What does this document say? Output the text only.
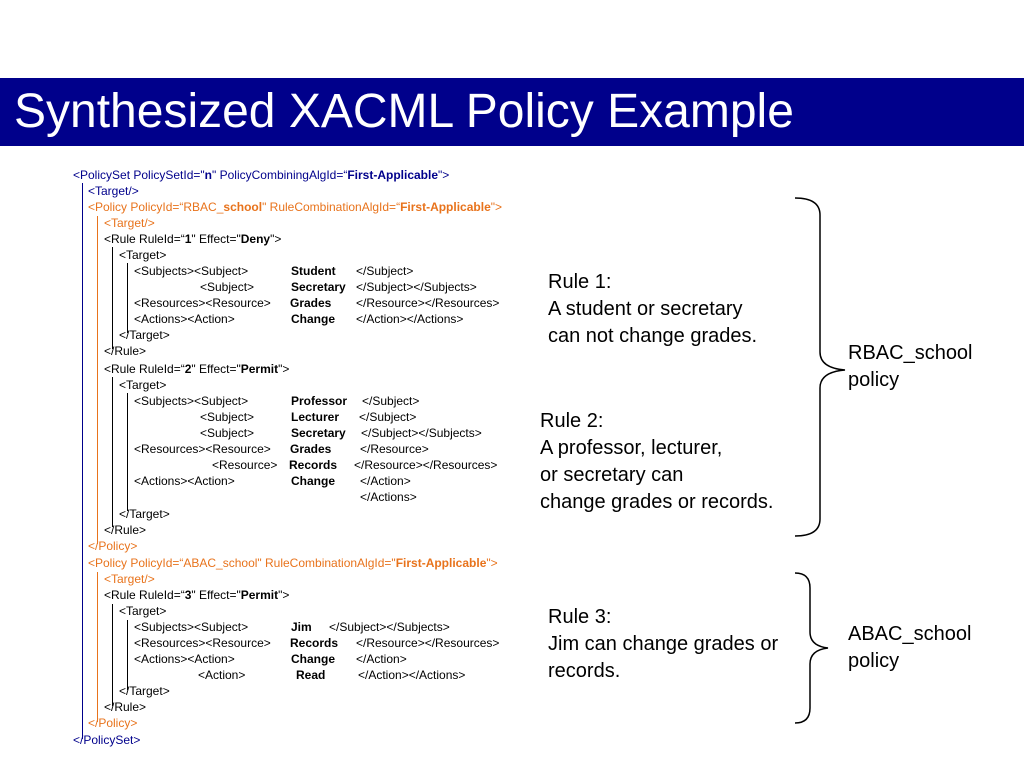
Synthesized XACML Policy Example
<PolicySet PolicySetId="n" PolicyCombiningAlgId=“First-Applicable">
<Target/>
<Policy PolicyId=“RBAC_school" RuleCombinationAlgId=“First-Applicable">
<Target/>
<Rule RuleId=“1" Effect="Deny">
<Target>
<Subjects><Subject>	Student </Subject>
<Subject>	Secretary </Subject></Subjects>
<Resources><Resource> Grades </Resource></Resources>
<Actions><Action>	Change </Action></Actions>
</Target>
</Rule>
<Rule RuleId=“2" Effect="Permit">
<Target>
<Subjects><Subject>	Professor </Subject>
<Subject>	Lecturer </Subject>
<Subject>	Secretary </Subject></Subjects>
<Resources><Resource> Grades </Resource>
<Resource> Records </Resource></Resources>
<Actions><Action>	Change </Action>
</Actions>
</Target>
</Rule>
</Policy>
<Policy PolicyId=“ABAC_school" RuleCombinationAlgId="First-Applicable">
<Target/>
<Rule RuleId=“3" Effect="Permit">
<Target>
<Subjects><Subject>	Jim </Subject></Subjects>
<Resources><Resource> Records </Resource></Resources>
<Actions><Action>	Change </Action>
<Action>	Read	</Action></Actions>
</Target>
</Rule>
</Policy>
</PolicySet>
Rule 1:
A student or secretary
can not change grades.
Rule 2:
A professor, lecturer,
or secretary can
change grades or records.
Rule 3:
Jim can change grades or
records.
RBAC_school
policy
ABAC_school
policy
